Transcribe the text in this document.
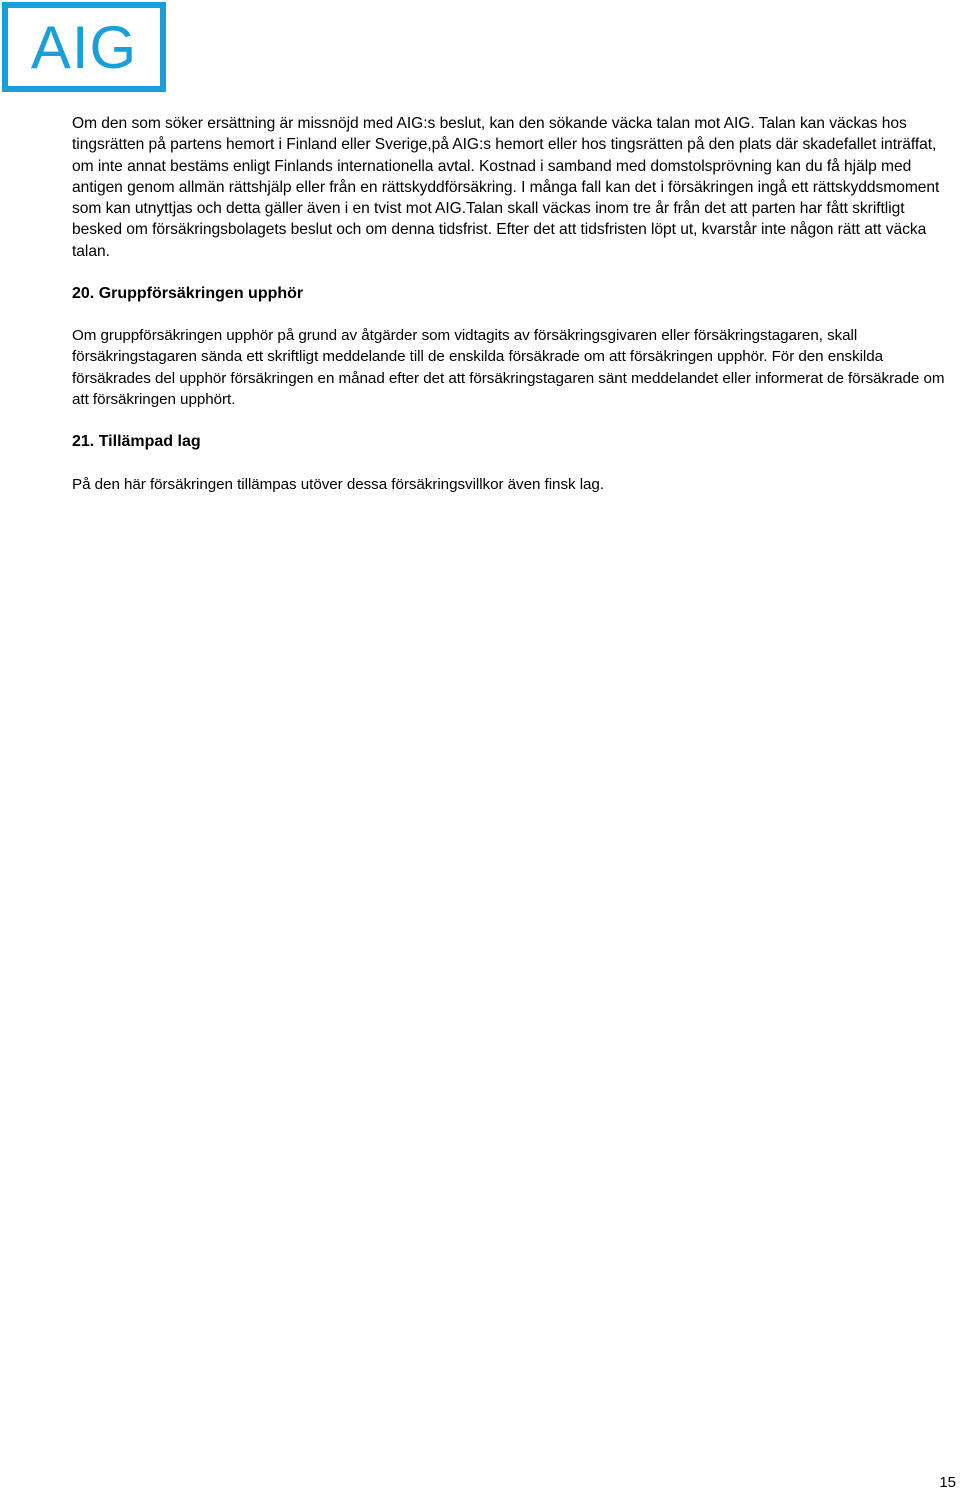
AIG

Om den som söker ersättning är missnöjd med AIG:s beslut, kan den sökande väcka talan mot AIG. Talan kan väckas hos tingsrätten på partens hemort i Finland eller Sverige,på AIG:s hemort eller hos tingsrätten på den plats där skadefallet inträffat, om inte annat bestäms enligt Finlands internationella avtal. Kostnad i samband med domstolsprövning kan du få hjälp med antigen genom allmän rättshjälp eller från en rättskyddförsäkring. I många fall kan det i försäkringen ingå ett rättskyddsmoment som kan utnyttjas och detta gäller även i en tvist mot AIG.Talan skall väckas inom tre år från det att parten har fått skriftligt besked om försäkringsbolagets beslut och om denna tidsfrist. Efter det att tidsfristen löpt ut, kvarstår inte någon rätt att väcka talan.

20. Gruppförsäkringen upphör

Om gruppförsäkringen upphör på grund av åtgärder som vidtagits av försäkringsgivaren eller försäkringstagaren, skall försäkringstagaren sända ett skriftligt meddelande till de enskilda försäkrade om att försäkringen upphör. För den enskilda försäkrades del upphör försäkringen en månad efter det att försäkringstagaren sänt meddelandet eller informerat de försäkrade om att försäkringen upphört.

21. Tillämpad lag

På den här försäkringen tillämpas utöver dessa försäkringsvillkor även finsk lag.

15
